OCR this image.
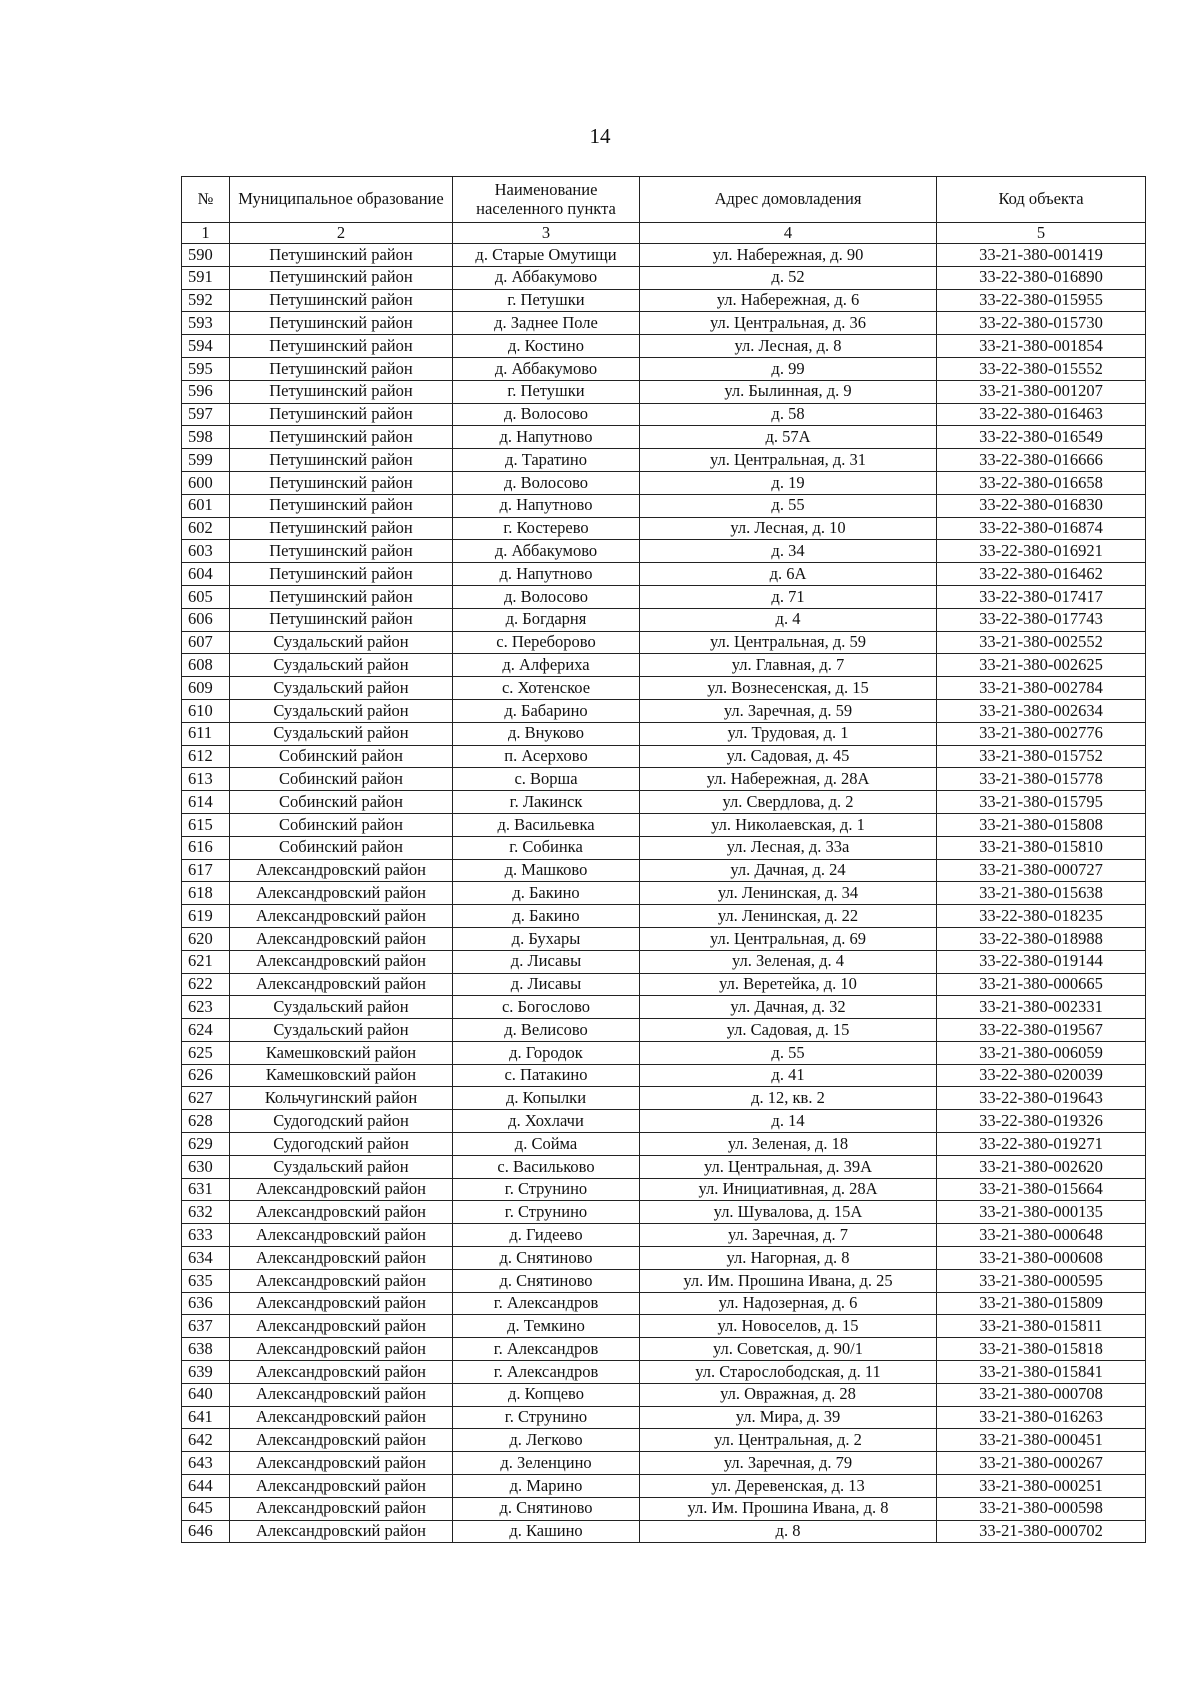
14
№	Муниципальное образование	Наименование населенного пункта	Адрес домовладения	Код объекта
1	2	3	4	5
590	Петушинский район	д. Старые Омутищи	ул. Набережная, д. 90	33-21-380-001419
591	Петушинский район	д. Аббакумово	д. 52	33-22-380-016890
592	Петушинский район	г. Петушки	ул. Набережная, д. 6	33-22-380-015955
593	Петушинский район	д. Заднее Поле	ул. Центральная, д. 36	33-22-380-015730
594	Петушинский район	д. Костино	ул. Лесная, д. 8	33-21-380-001854
595	Петушинский район	д. Аббакумово	д. 99	33-22-380-015552
596	Петушинский район	г. Петушки	ул. Былинная, д. 9	33-21-380-001207
597	Петушинский район	д. Волосово	д. 58	33-22-380-016463
598	Петушинский район	д. Напутново	д. 57А	33-22-380-016549
599	Петушинский район	д. Таратино	ул. Центральная, д. 31	33-22-380-016666
600	Петушинский район	д. Волосово	д. 19	33-22-380-016658
601	Петушинский район	д. Напутново	д. 55	33-22-380-016830
602	Петушинский район	г. Костерево	ул. Лесная, д. 10	33-22-380-016874
603	Петушинский район	д. Аббакумово	д. 34	33-22-380-016921
604	Петушинский район	д. Напутново	д. 6А	33-22-380-016462
605	Петушинский район	д. Волосово	д. 71	33-22-380-017417
606	Петушинский район	д. Богдарня	д. 4	33-22-380-017743
607	Суздальский район	с. Переборово	ул. Центральная, д. 59	33-21-380-002552
608	Суздальский район	д. Алфериха	ул. Главная, д. 7	33-21-380-002625
609	Суздальский район	с. Хотенское	ул. Вознесенская, д. 15	33-21-380-002784
610	Суздальский район	д. Бабарино	ул. Заречная, д. 59	33-21-380-002634
611	Суздальский район	д. Внуково	ул. Трудовая, д. 1	33-21-380-002776
612	Собинский район	п. Асерхово	ул. Садовая, д. 45	33-21-380-015752
613	Собинский район	с. Ворша	ул. Набережная, д. 28А	33-21-380-015778
614	Собинский район	г. Лакинск	ул. Свердлова, д. 2	33-21-380-015795
615	Собинский район	д. Васильевка	ул. Николаевская, д. 1	33-21-380-015808
616	Собинский район	г. Собинка	ул. Лесная, д. 33а	33-21-380-015810
617	Александровский район	д. Машково	ул. Дачная, д. 24	33-21-380-000727
618	Александровский район	д. Бакино	ул. Ленинская, д. 34	33-21-380-015638
619	Александровский район	д. Бакино	ул. Ленинская, д. 22	33-22-380-018235
620	Александровский район	д. Бухары	ул. Центральная, д. 69	33-22-380-018988
621	Александровский район	д. Лисавы	ул. Зеленая, д. 4	33-22-380-019144
622	Александровский район	д. Лисавы	ул. Веретейка, д. 10	33-21-380-000665
623	Суздальский район	с. Богослово	ул. Дачная, д. 32	33-21-380-002331
624	Суздальский район	д. Велисово	ул. Садовая, д. 15	33-22-380-019567
625	Камешковский район	д. Городок	д. 55	33-21-380-006059
626	Камешковский район	с. Патакино	д. 41	33-22-380-020039
627	Кольчугинский район	д. Копылки	д. 12, кв. 2	33-22-380-019643
628	Судогодский район	д. Хохлачи	д. 14	33-22-380-019326
629	Судогодский район	д. Сойма	ул. Зеленая, д. 18	33-22-380-019271
630	Суздальский район	с. Васильково	ул. Центральная, д. 39А	33-21-380-002620
631	Александровский район	г. Струнино	ул. Инициативная, д. 28А	33-21-380-015664
632	Александровский район	г. Струнино	ул. Шувалова, д. 15А	33-21-380-000135
633	Александровский район	д. Гидеево	ул. Заречная, д. 7	33-21-380-000648
634	Александровский район	д. Снятиново	ул. Нагорная, д. 8	33-21-380-000608
635	Александровский район	д. Снятиново	ул. Им. Прошина Ивана, д. 25	33-21-380-000595
636	Александровский район	г. Александров	ул. Надозерная, д. 6	33-21-380-015809
637	Александровский район	д. Темкино	ул. Новоселов, д. 15	33-21-380-015811
638	Александровский район	г. Александров	ул. Советская, д. 90/1	33-21-380-015818
639	Александровский район	г. Александров	ул. Старослободская, д. 11	33-21-380-015841
640	Александровский район	д. Копцево	ул. Овражная, д. 28	33-21-380-000708
641	Александровский район	г. Струнино	ул. Мира, д. 39	33-21-380-016263
642	Александровский район	д. Легково	ул. Центральная, д. 2	33-21-380-000451
643	Александровский район	д. Зеленцино	ул. Заречная, д. 79	33-21-380-000267
644	Александровский район	д. Марино	ул. Деревенская, д. 13	33-21-380-000251
645	Александровский район	д. Снятиново	ул. Им. Прошина Ивана, д. 8	33-21-380-000598
646	Александровский район	д. Кашино	д. 8	33-21-380-000702
